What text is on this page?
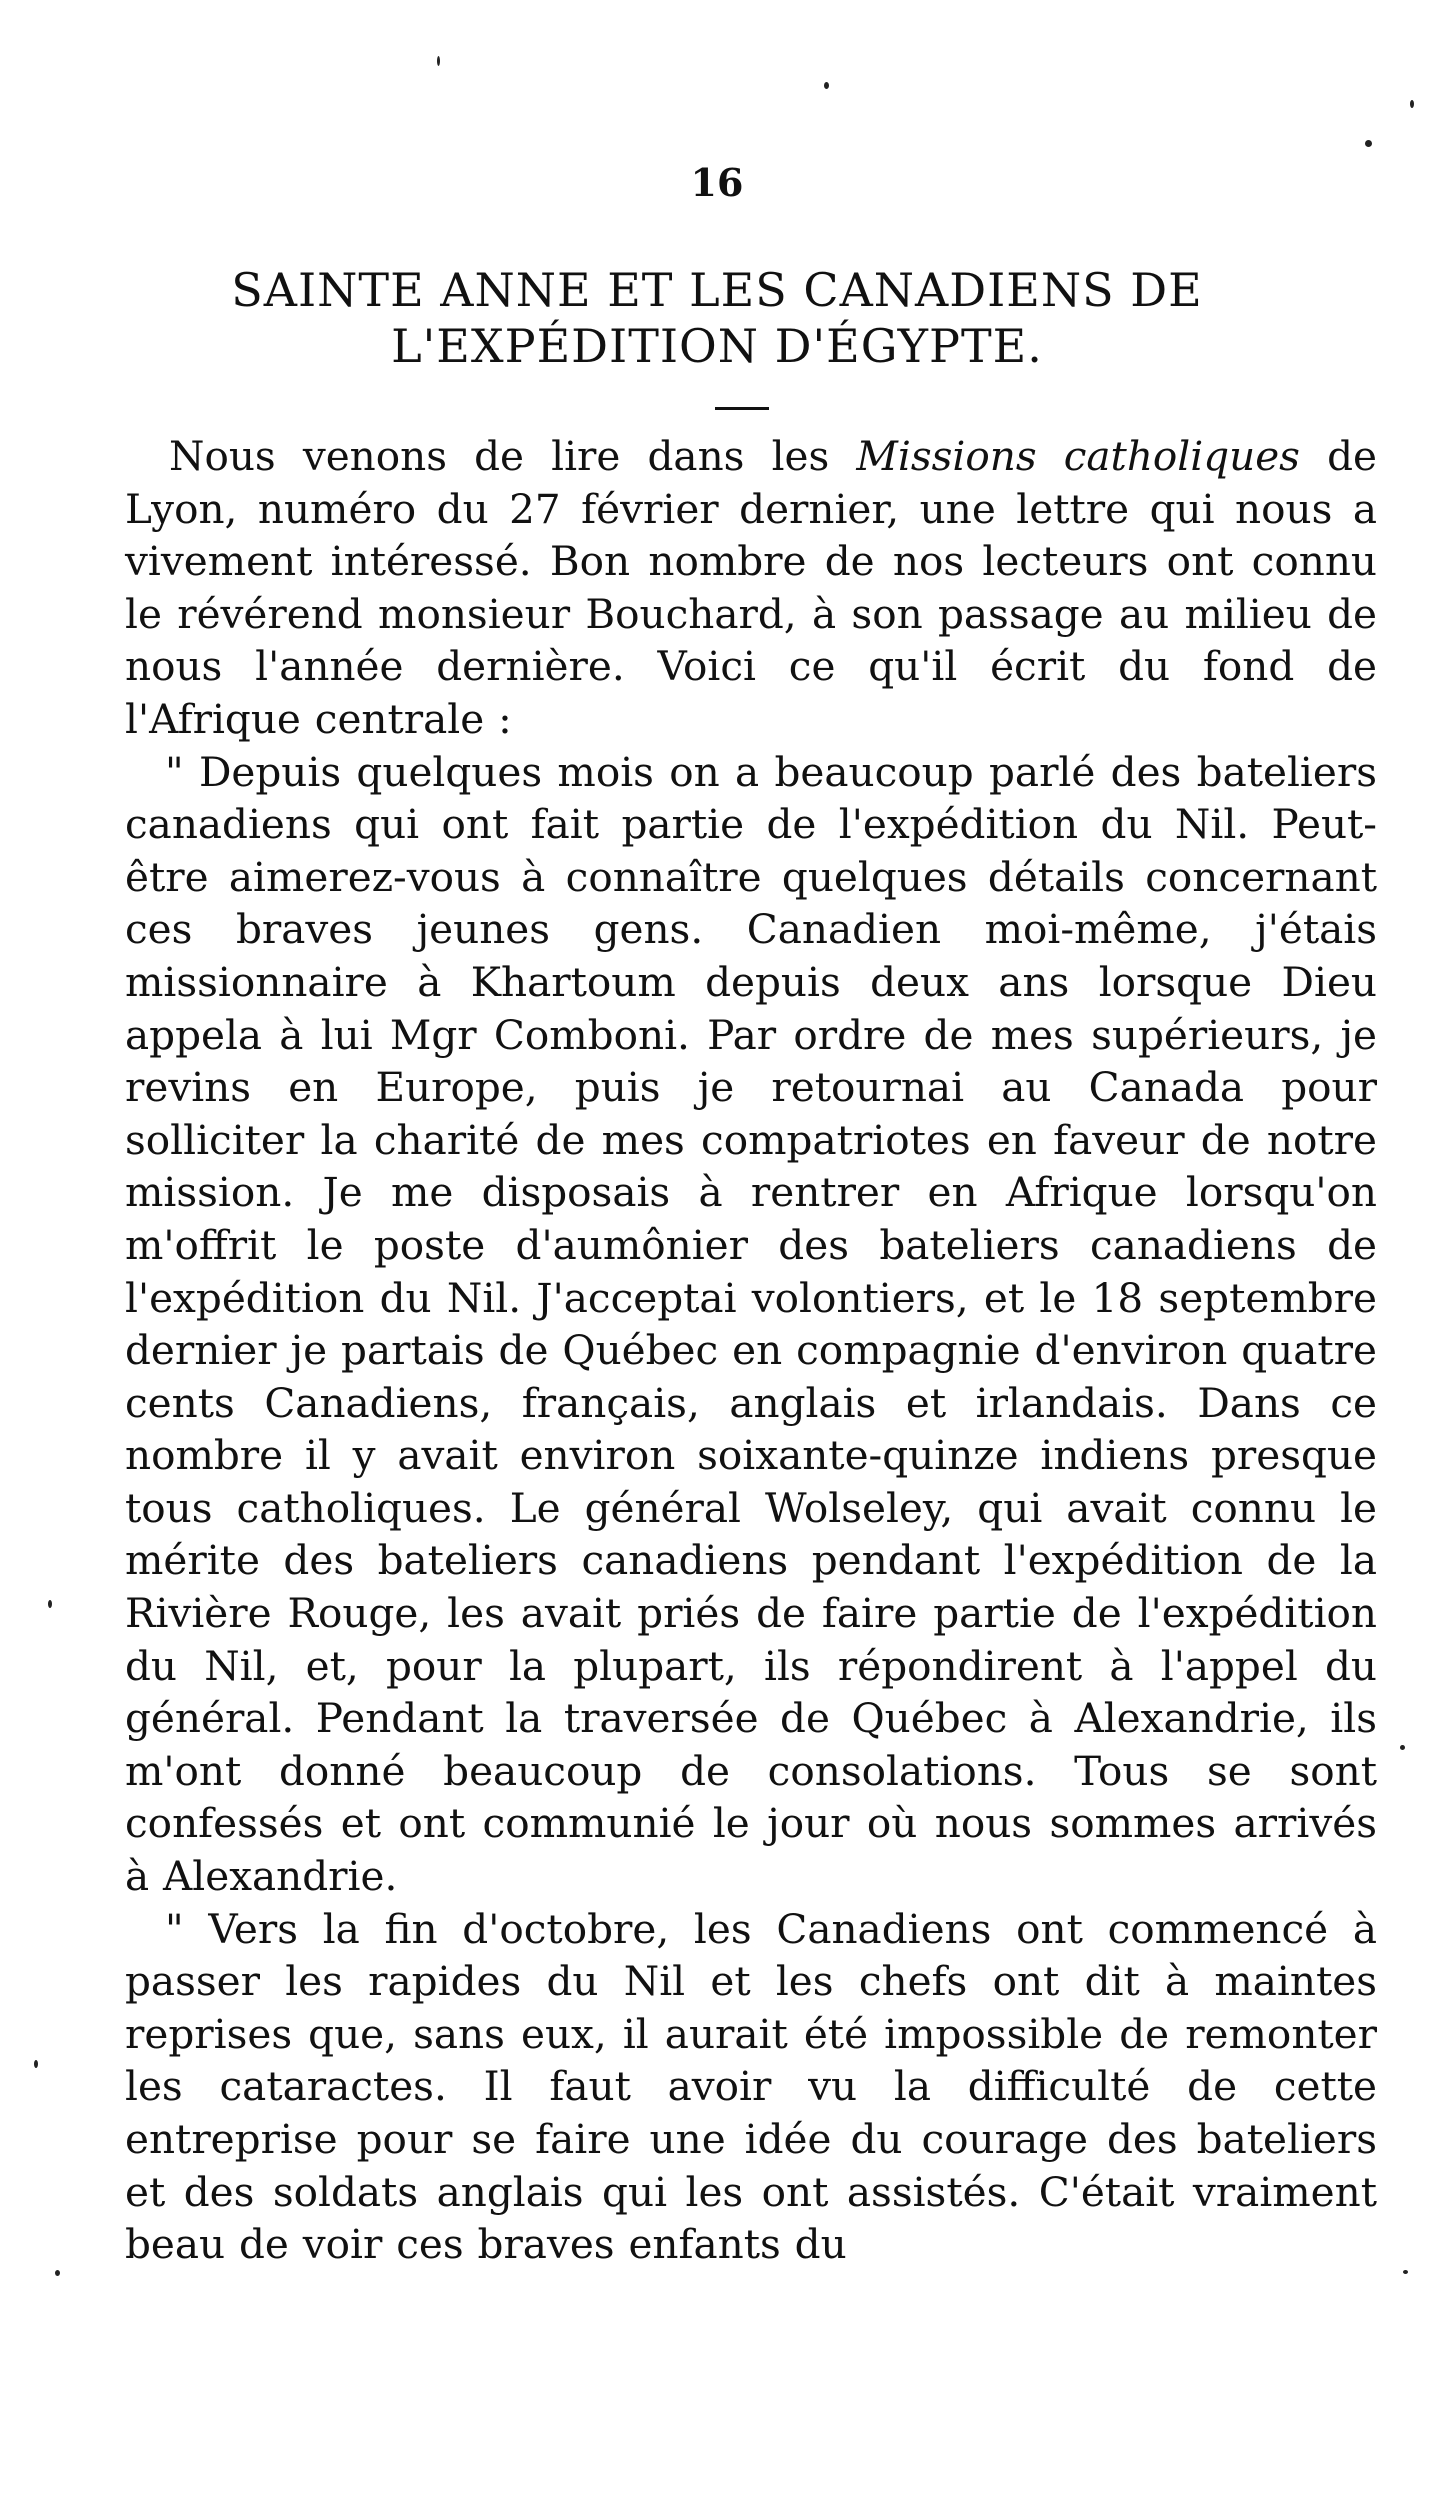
16
SAINTE ANNE ET LES CANADIENS DE
L'EXPÉDITION D'ÉGYPTE.

Nous venons de lire dans les Missions catholiques de Lyon, numéro du 27 février dernier, une lettre qui nous a vivement intéressé. Bon nombre de nos lecteurs ont connu le révérend monsieur Bouchard, à son passage au milieu de nous l'année dernière. Voici ce qu'il écrit du fond de l'Afrique centrale :

" Depuis quelques mois on a beaucoup parlé des bateliers canadiens qui ont fait partie de l'expédition du Nil. Peut-être aimerez-vous à connaître quelques détails concernant ces braves jeunes gens. Canadien moi-même, j'étais missionnaire à Khartoum depuis deux ans lorsque Dieu appela à lui Mgr Comboni. Par ordre de mes supérieurs, je revins en Europe, puis je retournai au Canada pour solliciter la charité de mes compatriotes en faveur de notre mission. Je me disposais à rentrer en Afrique lorsqu'on m'offrit le poste d'aumônier des bateliers canadiens de l'expédition du Nil. J'acceptai volontiers, et le 18 septembre dernier je partais de Québec en compagnie d'environ quatre cents Canadiens, français, anglais et irlandais. Dans ce nombre il y avait environ soixante-quinze indiens presque tous catholiques. Le général Wolseley, qui avait connu le mérite des bateliers canadiens pendant l'expédition de la Rivière Rouge, les avait priés de faire partie de l'expédition du Nil, et, pour la plupart, ils répondirent à l'appel du général. Pendant la traversée de Québec à Alexandrie, ils m'ont donné beaucoup de consolations. Tous se sont confessés et ont communié le jour où nous sommes arrivés à Alexandrie.

" Vers la fin d'octobre, les Canadiens ont commencé à passer les rapides du Nil et les chefs ont dit à maintes reprises que, sans eux, il aurait été impossible de remonter les cataractes. Il faut avoir vu la difficulté de cette entreprise pour se faire une idée du courage des bateliers et des soldats anglais qui les ont assistés. C'était vraiment beau de voir ces braves enfants du
